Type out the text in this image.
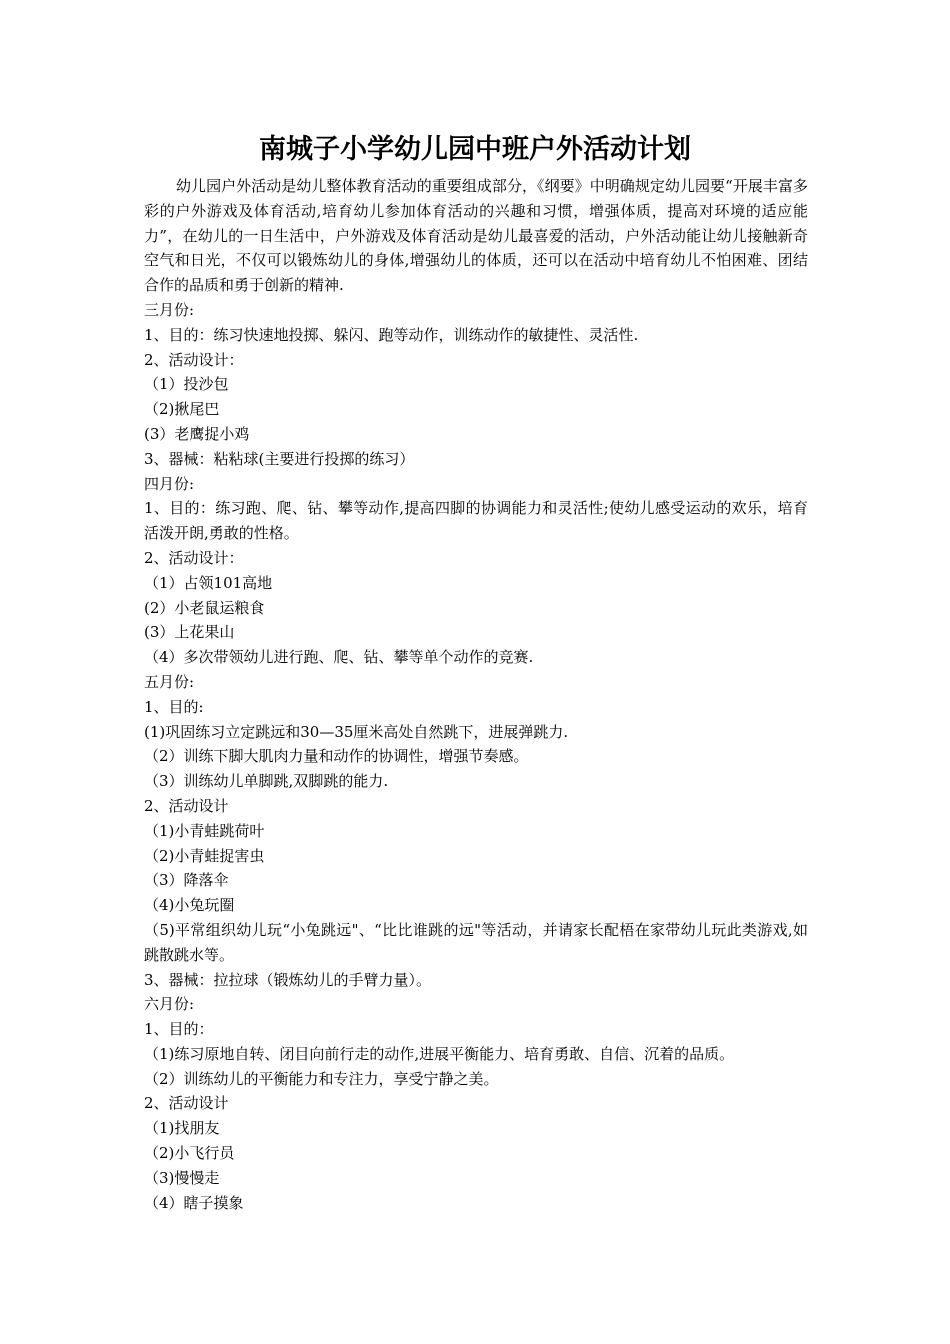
南城子小学幼儿园中班户外活动计划

幼儿园户外活动是幼儿整体教育活动的重要组成部分，《纲要》中明确规定幼儿园要“开展丰富多彩的户外游戏及体育活动,培育幼儿参加体育活动的兴趣和习惯，增强体质，提高对环境的适应能力”，在幼儿的一日生活中，户外游戏及体育活动是幼儿最喜爱的活动，户外活动能让幼儿接触新奇空气和日光，不仅可以锻炼幼儿的身体,增强幼儿的体质，还可以在活动中培育幼儿不怕困难、团结合作的品质和勇于创新的精神.

三月份:

1、目的：练习快速地投掷、躲闪、跑等动作，训练动作的敏捷性、灵活性.

2、活动设计：

（1）投沙包

（2)揪尾巴

(3）老鹰捉小鸡

3、器械：粘粘球(主要进行投掷的练习）

四月份:

1、目的：练习跑、爬、钻、攀等动作,提高四脚的协调能力和灵活性;使幼儿感受运动的欢乐，培育活泼开朗,勇敢的性格。

2、活动设计：

（1）占领101高地

(2）小老鼠运粮食

(3）上花果山

（4）多次带领幼儿进行跑、爬、钻、攀等单个动作的竞赛.

五月份:

1、目的:

(1)巩固练习立定跳远和30—35厘米高处自然跳下，进展弹跳力.

（2）训练下脚大肌肉力量和动作的协调性，增强节奏感。

（3）训练幼儿单脚跳,双脚跳的能力.

2、活动设计

（1)小青蛙跳荷叶

（2)小青蛙捉害虫

（3）降落伞

（4)小兔玩圈

（5)平常组织幼儿玩“小兔跳远"、“比比谁跳的远"等活动，并请家长配梧在家带幼儿玩此类游戏,如跳散跳水等。

3、器械：拉拉球（锻炼幼儿的手臂力量）。

六月份:

1、目的：

（1)练习原地自转、闭目向前行走的动作,进展平衡能力、培育勇敢、自信、沉着的品质。

（2）训练幼儿的平衡能力和专注力，享受宁静之美。

2、活动设计

（1)找朋友

（2)小飞行员

（3)慢慢走

（4）瞎子摸象
